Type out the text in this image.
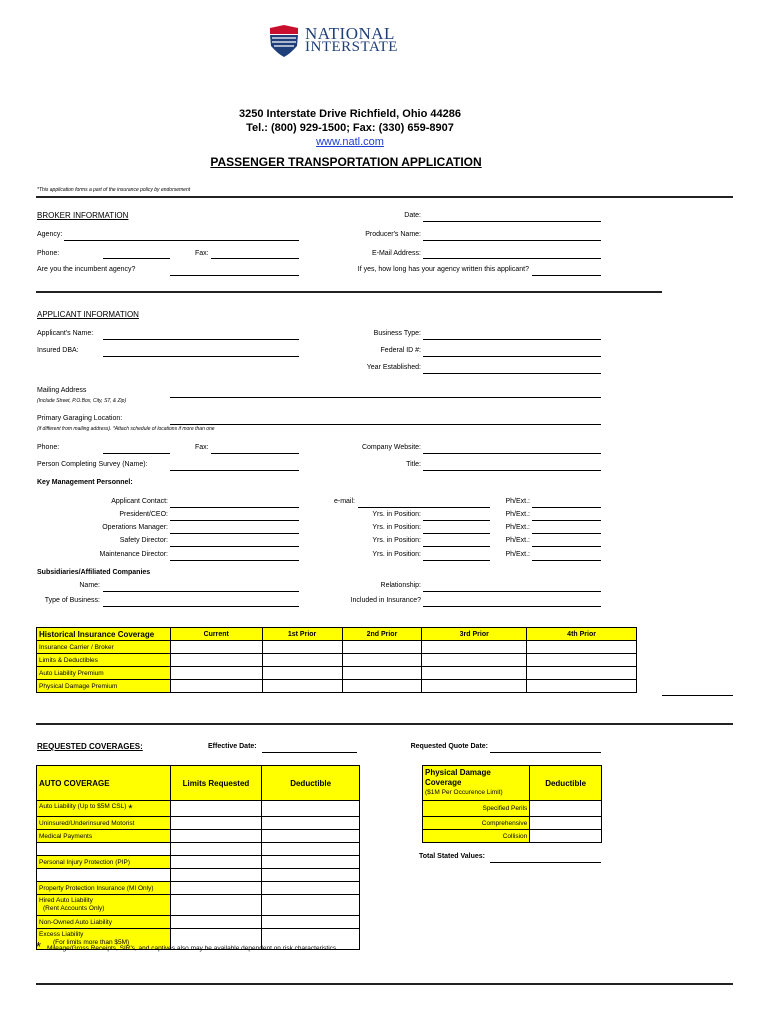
NATIONAL
INTERSTATE
3250 Interstate Drive Richfield, Ohio 44286
Tel.: (800) 929-1500; Fax: (330) 659-8907
www.natl.com
PASSENGER TRANSPORTATION APPLICATION
*This application forms a part of the insurance policy by endorsement
BROKER INFORMATION	Date:
Agency:	Producer's Name:
Phone:	Fax:	E-Mail Address:
Are you the incumbent agency?	If yes, how long has your agency written this applicant?
APPLICANT INFORMATION
Applicant's Name:	Business Type:
Insured DBA:	Federal ID #:
Year Established:
Mailing Address
(Include Street, P.O.Box, City, ST, & Zip)
Primary Garaging Location:
(if different from mailing address). *Attach schedule of locations if more than one
Phone:	Fax:	Company Website:
Person Completing Survey (Name):	Title:
Key Management Personnel:
Applicant Contact:	e-mail:	Ph/Ext.:
President/CEO:	Yrs. in Position:	Ph/Ext.:
Operations Manager:	Yrs. in Position:	Ph/Ext.:
Safety Director:	Yrs. in Position:	Ph/Ext.:
Maintenance Director:	Yrs. in Position:	Ph/Ext.:
Subsidiaries/Affiliated Companies
Name:	Relationship:
Type of Business:	Included in Insurance?
Historical Insurance Coverage	Current	1st Prior	2nd Prior	3rd Prior	4th Prior
Insurance Carrier / Broker					
Limits & Deductibles					
Auto Liability Premium					
Physical Damage Premium					
REQUESTED COVERAGES:	Effective Date:	Requested Quote Date:
AUTO COVERAGE	Limits Requested	Deductible
Auto Liability (Up to $5M CSL) *		
Uninsured/Underinsured Motorist		
Medical Payments		

Personal Injury Protection (PIP)		

Property Protection Insurance (MI Only)		

Hired Auto Liability
(Rent Accounts Only)		

Non-Owned Auto Liability		

Excess Liability
(For limits more than $5M)		

Physical Damage
Coverage
($1M Per Occurence Limit)	Deductible
Specified Perils	
Comprehensive	
Collision	
Total Stated Values:
* Mileage/Gross Receipts, SIR's, and captives also may be available dependent on risk characteristics.
